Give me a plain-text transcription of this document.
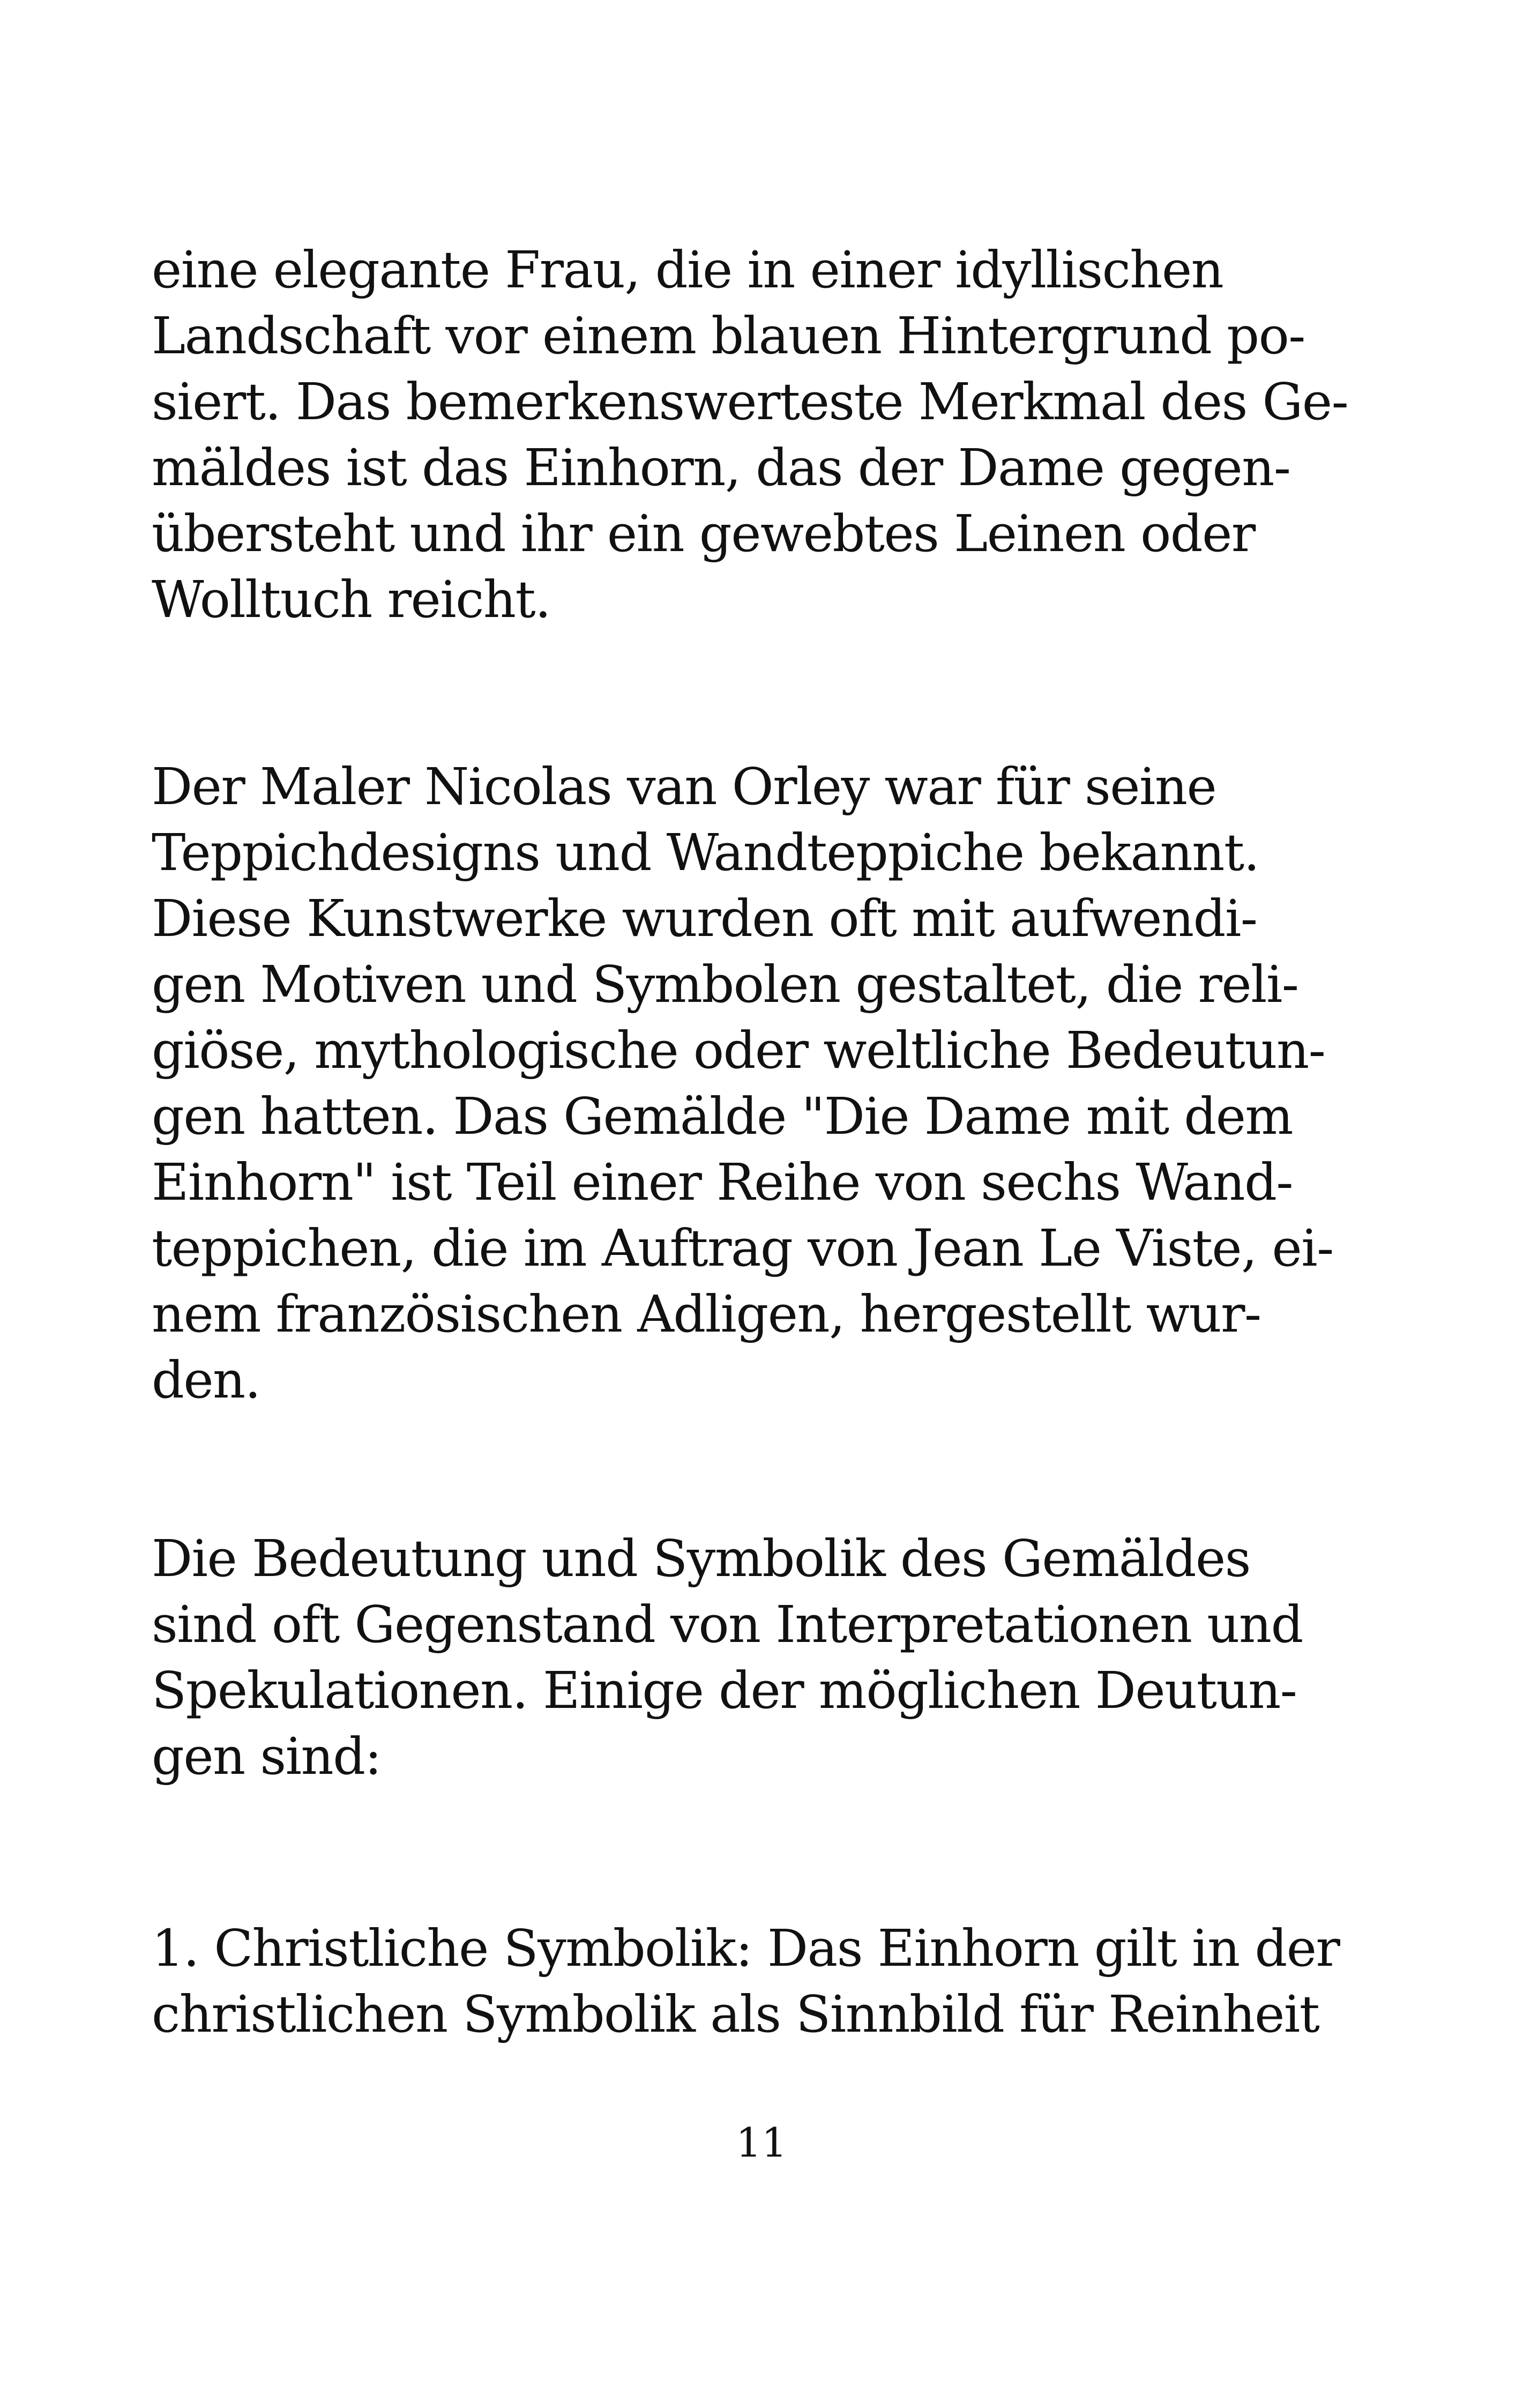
eine elegante Frau, die in einer idyllischen
Landschaft vor einem blauen Hintergrund po-
siert. Das bemerkenswerteste Merkmal des Ge-
mäldes ist das Einhorn, das der Dame gegen-
übersteht und ihr ein gewebtes Leinen oder
Wolltuch reicht.

Der Maler Nicolas van Orley war für seine
Teppichdesigns und Wandteppiche bekannt.
Diese Kunstwerke wurden oft mit aufwendi-
gen Motiven und Symbolen gestaltet, die reli-
giöse, mythologische oder weltliche Bedeutun-
gen hatten. Das Gemälde "Die Dame mit dem
Einhorn" ist Teil einer Reihe von sechs Wand-
teppichen, die im Auftrag von Jean Le Viste, ei-
nem französischen Adligen, hergestellt wur-
den.

Die Bedeutung und Symbolik des Gemäldes
sind oft Gegenstand von Interpretationen und
Spekulationen. Einige der möglichen Deutun-
gen sind:

1. Christliche Symbolik: Das Einhorn gilt in der
christlichen Symbolik als Sinnbild für Reinheit

11
